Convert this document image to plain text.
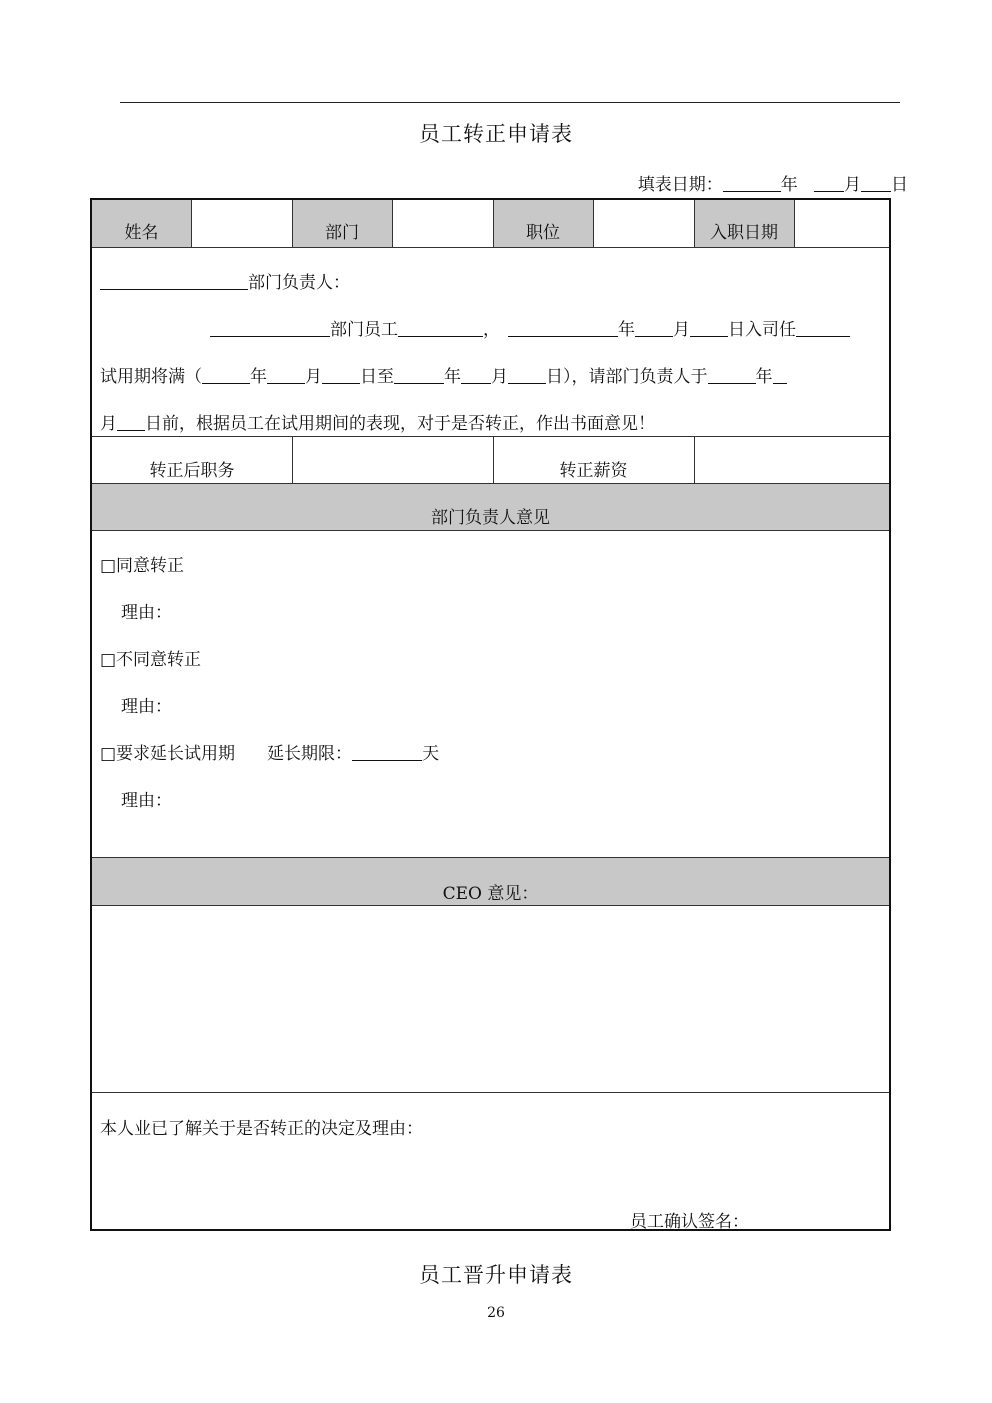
员工转正申请表
填表日期：	年	月 日
姓名	部门	职位	入职日期
部门负责人：
部门员工	，	年 月 日入司任
试用期将满（	年 月 日至	年 月 日），请部门负责人于	年
月 日前，根据员工在试用期间的表现，对于是否转正，作出书面意见！
转正后职务	转正薪资
部门负责人意见
□同意转正
理由：
□不同意转正
理由：
□要求延长试用期 延长期限：	天
理由：
CEO 意见：
本人业已了解关于是否转正的决定及理由：
员工确认签名：
员工晋升申请表
26
